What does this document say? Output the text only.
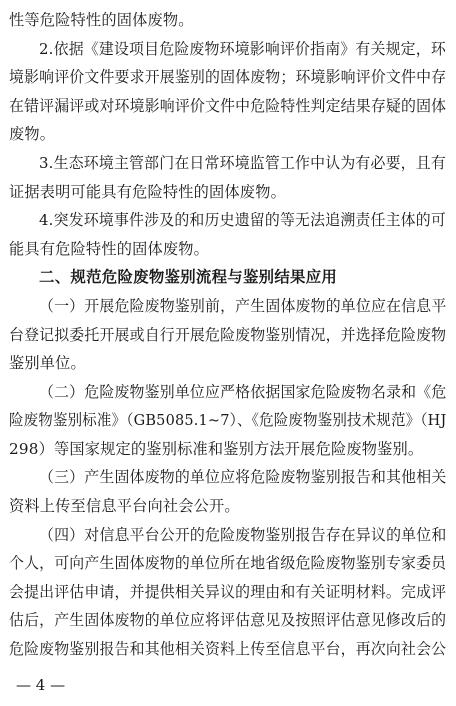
性等危险特性的固体废物。
2.依据《建设项目危险废物环境影响评价指南》有关规定，环
境影响评价文件要求开展鉴别的固体废物；环境影响评价文件中存
在错评漏评或对环境影响评价文件中危险特性判定结果存疑的固体
废物。
3.生态环境主管部门在日常环境监管工作中认为有必要，且有
证据表明可能具有危险特性的固体废物。
4.突发环境事件涉及的和历史遗留的等无法追溯责任主体的可
能具有危险特性的固体废物。
二、规范危险废物鉴别流程与鉴别结果应用
（一）开展危险废物鉴别前，产生固体废物的单位应在信息平
台登记拟委托开展或自行开展危险废物鉴别情况，并选择危险废物
鉴别单位。
（二）危险废物鉴别单位应严格依据国家危险废物名录和《危
险废物鉴别标准》（GB5085.1~7）、《危险废物鉴别技术规范》（HJ
298）等国家规定的鉴别标准和鉴别方法开展危险废物鉴别。
（三）产生固体废物的单位应将危险废物鉴别报告和其他相关
资料上传至信息平台向社会公开。
（四）对信息平台公开的危险废物鉴别报告存在异议的单位和
个人，可向产生固体废物的单位所在地省级危险废物鉴别专家委员
会提出评估申请，并提供相关异议的理由和有关证明材料。完成评
估后，产生固体废物的单位应将评估意见及按照评估意见修改后的
危险废物鉴别报告和其他相关资料上传至信息平台，再次向社会公
— 4 —
